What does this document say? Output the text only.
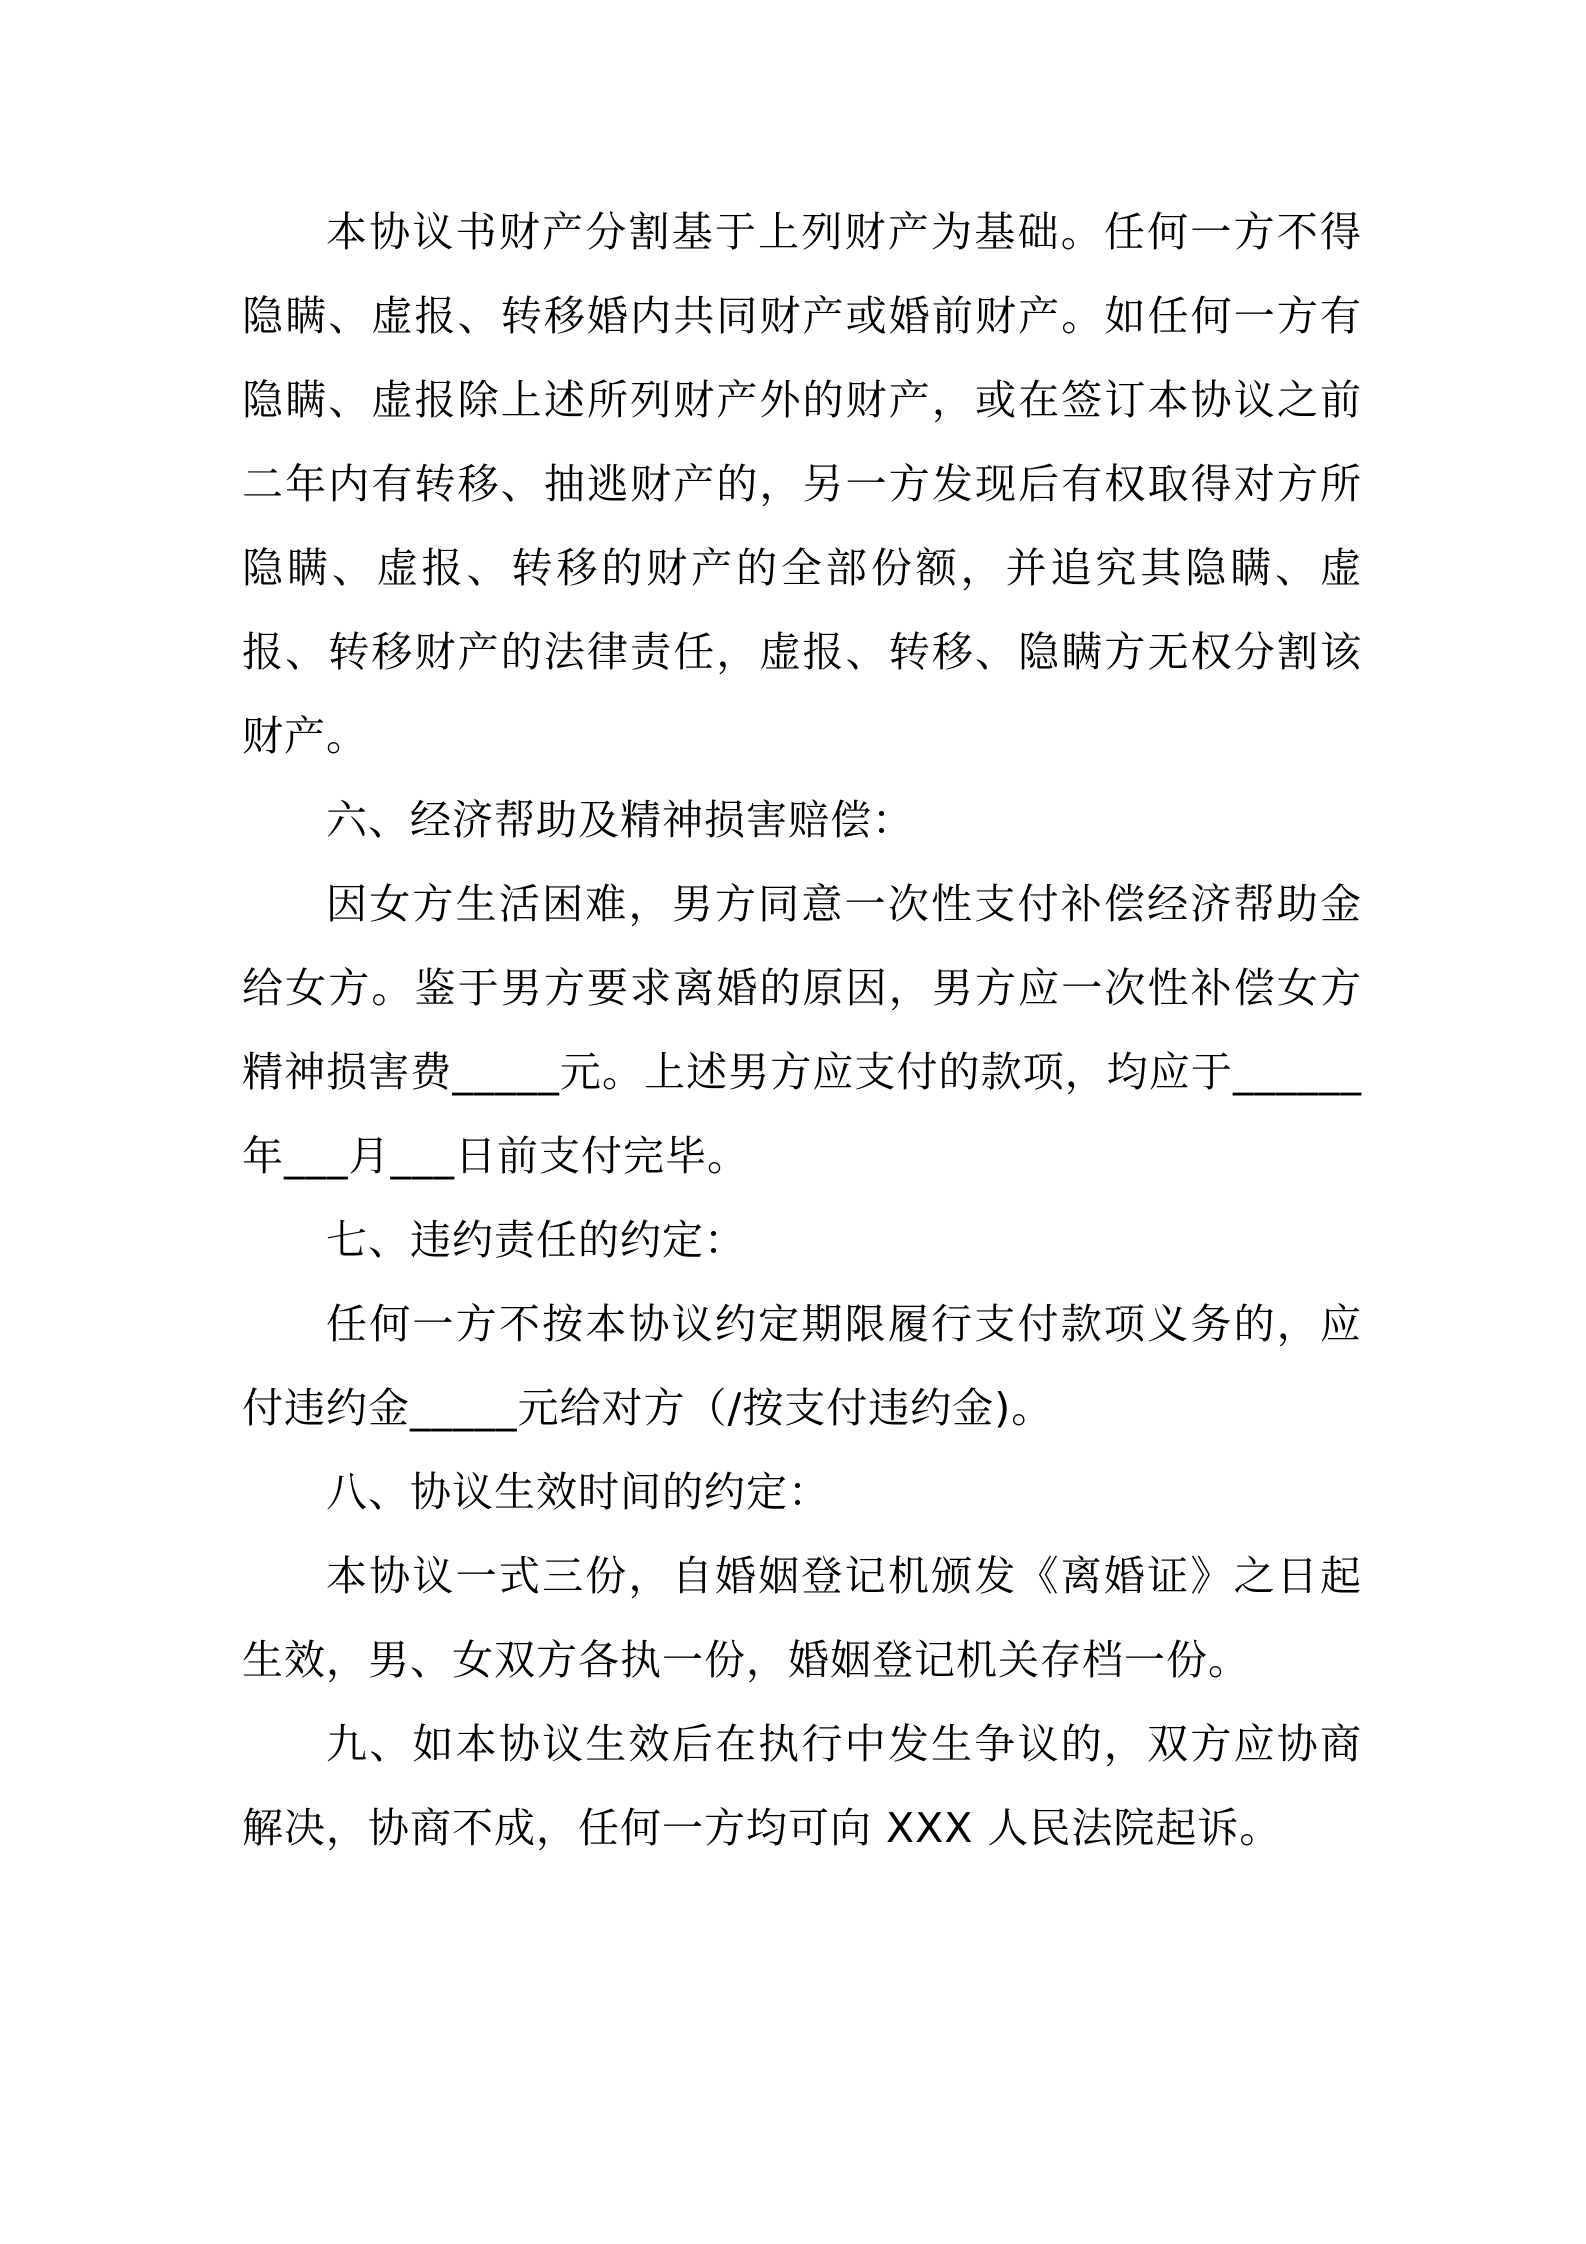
本协议书财产分割基于上列财产为基础。任何一方不得隐瞒、虚报、转移婚内共同财产或婚前财产。如任何一方有隐瞒、虚报除上述所列财产外的财产，或在签订本协议之前二年内有转移、抽逃财产的，另一方发现后有权取得对方所隐瞒、虚报、转移的财产的全部份额，并追究其隐瞒、虚报、转移财产的法律责任，虚报、转移、隐瞒方无权分割该财产。

六、经济帮助及精神损害赔偿：

因女方生活困难，男方同意一次性支付补偿经济帮助金给女方。鉴于男方要求离婚的原因，男方应一次性补偿女方精神损害费_____元。上述男方应支付的款项，均应于______年___月___日前支付完毕。

七、违约责任的约定：

任何一方不按本协议约定期限履行支付款项义务的，应付违约金_____元给对方（/按支付违约金)。

八、协议生效时间的约定：

本协议一式三份，自婚姻登记机颁发《离婚证》之日起生效，男、女双方各执一份，婚姻登记机关存档一份。

九、如本协议生效后在执行中发生争议的，双方应协商解决，协商不成，任何一方均可向 XXX 人民法院起诉。
